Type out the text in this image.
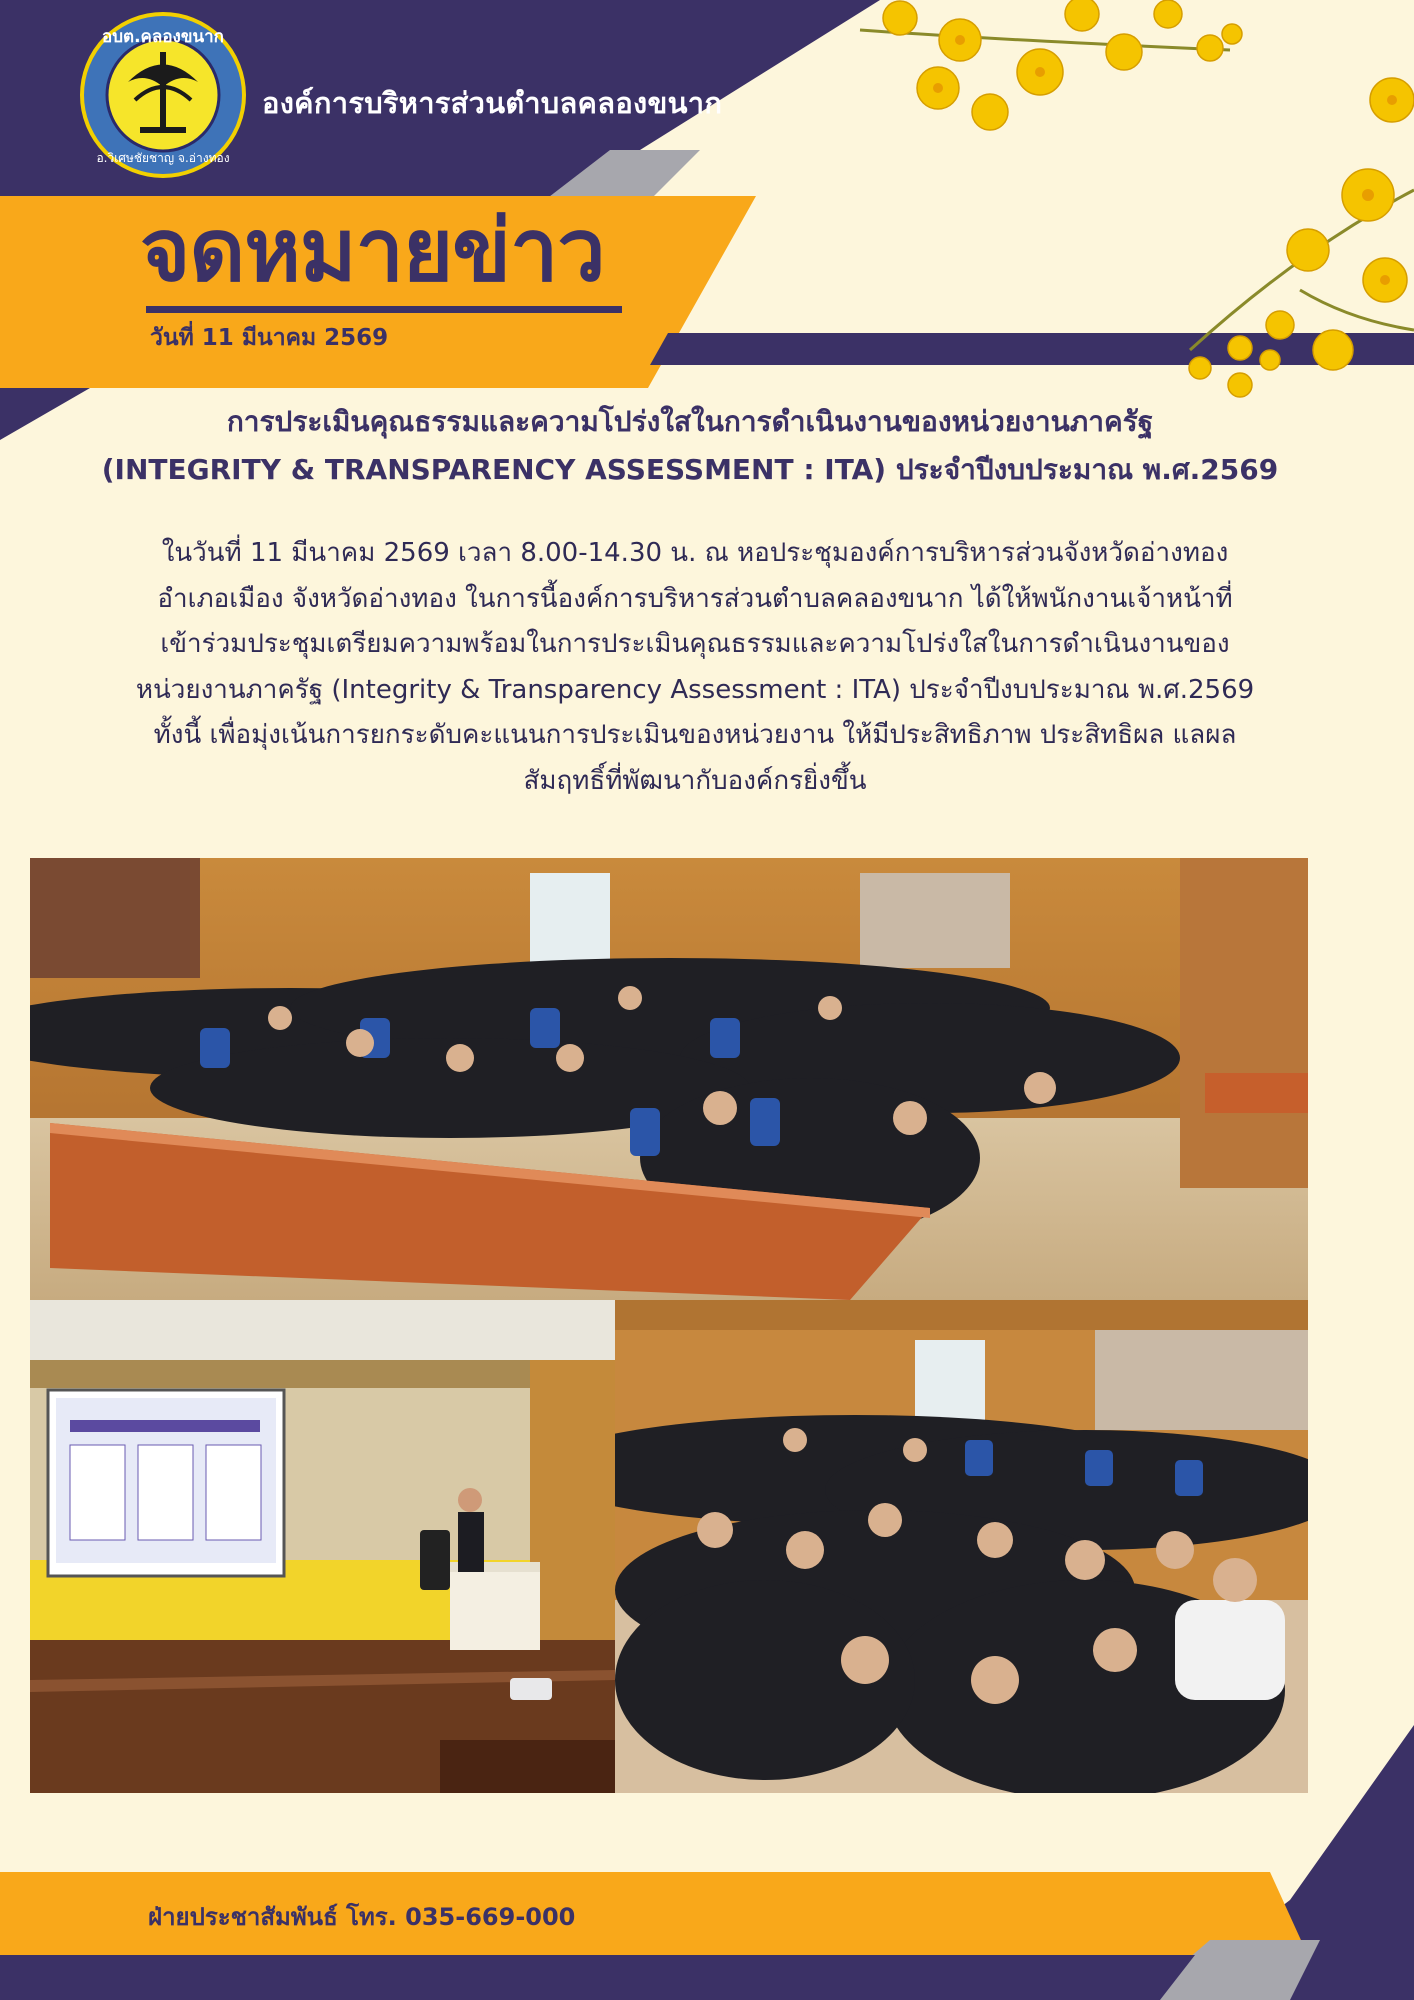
อบต.คลองขนาก
อ.วิเศษชัยชาญ จ.อ่างทอง
องค์การบริหารส่วนตำบลคลองขนาก
จดหมายข่าว
วันที่ 11 มีนาคม 2569
การประเมินคุณธรรมและความโปร่งใสในการดำเนินงานของหน่วยงานภาครัฐ
(INTEGRITY & TRANSPARENCY ASSESSMENT : ITA) ประจำปีงบประมาณ พ.ศ.2569
ในวันที่ 11 มีนาคม 2569 เวลา 8.00-14.30 น. ณ หอประชุมองค์การบริหารส่วนจังหวัดอ่างทอง
อำเภอเมือง จังหวัดอ่างทอง ในการนี้องค์การบริหารส่วนตำบลคลองขนาก ได้ให้พนักงานเจ้าหน้าที่
เข้าร่วมประชุมเตรียมความพร้อมในการประเมินคุณธรรมและความโปร่งใสในการดำเนินงานของ
หน่วยงานภาครัฐ (Integrity & Transparency Assessment : ITA) ประจำปีงบประมาณ พ.ศ.2569
ทั้งนี้ เพื่อมุ่งเน้นการยกระดับคะแนนการประเมินของหน่วยงาน ให้มีประสิทธิภาพ ประสิทธิผล แลผล
สัมฤทธิ์ที่พัฒนากับองค์กรยิ่งขึ้น
ฝ่ายประชาสัมพันธ์ โทร. 035-669-000
